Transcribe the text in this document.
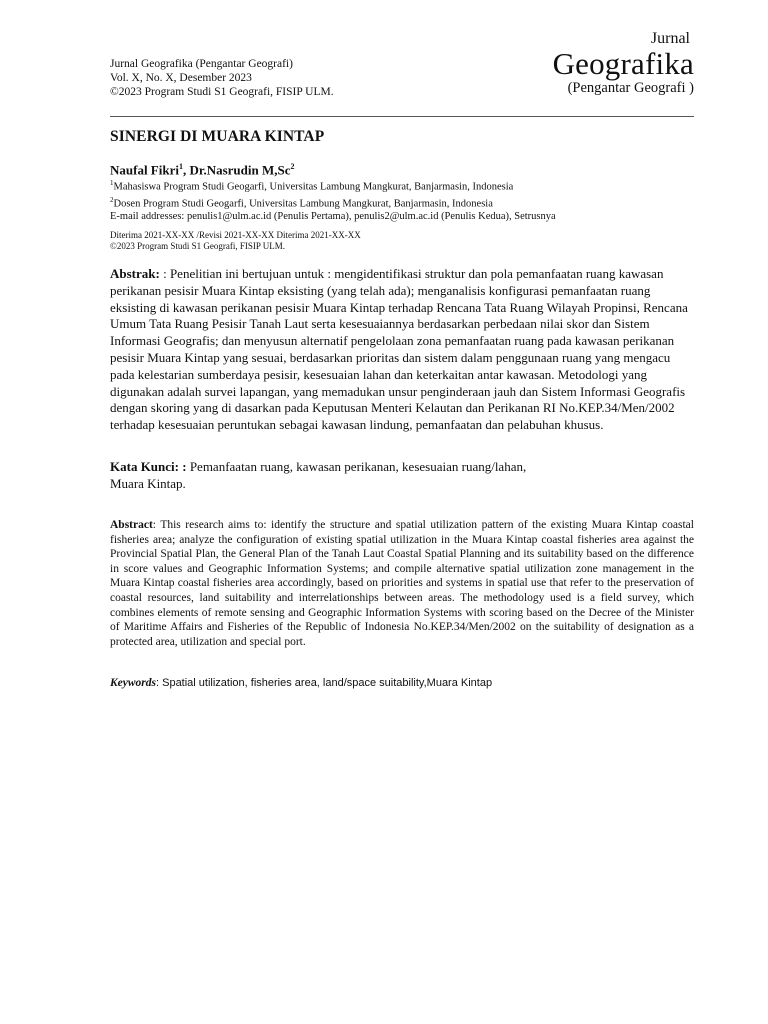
Jurnal Geografika (Pengantar Geografi)
Vol. X, No. X, Desember 2023
©2023 Program Studi S1 Geografi, FISIP ULM.
Jurnal
Geografika
(Pengantar Geografi )
SINERGI DI MUARA KINTAP
Naufal Fikri$^1$, Dr.Nasrudin M,Sc$^2$
$^1$Mahasiswa Program Studi Geogarfi, Universitas Lambung Mangkurat, Banjarmasin, Indonesia
$^2$Dosen Program Studi Geogarfi, Universitas Lambung Mangkurat, Banjarmasin, Indonesia
E-mail addresses: penulis1@ulm.ac.id (Penulis Pertama), penulis2@ulm.ac.id (Penulis Kedua), Setrusnya
Diterima 2021-XX-XX /Revisi 2021-XX-XX Diterima 2021-XX-XX
©2023 Program Studi S1 Geografi, FISIP ULM.
Abstrak: : Penelitian ini bertujuan untuk : mengidentifikasi struktur dan pola pemanfaatan ruang kawasan perikanan pesisir Muara Kintap eksisting (yang telah ada); menganalisis konfigurasi pemanfaatan ruang eksisting di kawasan perikanan pesisir Muara Kintap terhadap Rencana Tata Ruang Wilayah Propinsi, Rencana Umum Tata Ruang Pesisir Tanah Laut serta kesesuaiannya berdasarkan perbedaan nilai skor dan Sistem Informasi Geografis; dan menyusun alternatif pengelolaan zona pemanfaatan ruang pada kawasan perikanan pesisir Muara Kintap yang sesuai, berdasarkan prioritas dan sistem dalam penggunaan ruang yang mengacu pada kelestarian sumberdaya pesisir, kesesuaian lahan dan keterkaitan antar kawasan. Metodologi yang digunakan adalah survei lapangan, yang memadukan unsur penginderaan jauh dan Sistem Informasi Geografis dengan skoring yang di dasarkan pada Keputusan Menteri Kelautan dan Perikanan RI No.KEP.34/Men/2002 terhadap kesesuaian peruntukan sebagai kawasan lindung, pemanfaatan dan pelabuhan khusus.
Kata Kunci: : Pemanfaatan ruang, kawasan perikanan, kesesuaian ruang/lahan,
Muara Kintap.
Abstract: This research aims to: identify the structure and spatial utilization pattern of the existing Muara Kintap coastal fisheries area; analyze the configuration of existing spatial utilization in the Muara Kintap coastal fisheries area against the Provincial Spatial Plan, the General Plan of the Tanah Laut Coastal Spatial Planning and its suitability based on the difference in score values and Geographic Information Systems; and compile alternative spatial utilization zone management in the Muara Kintap coastal fisheries area accordingly, based on priorities and systems in spatial use that refer to the preservation of coastal resources, land suitability and interrelationships between areas. The methodology used is a field survey, which combines elements of remote sensing and Geographic Information Systems with scoring based on the Decree of the Minister of Maritime Affairs and Fisheries of the Republic of Indonesia No.KEP.34/Men/2002 on the suitability of designation as a protected area, utilization and special port.
Keywords: Spatial utilization, fisheries area, land/space suitability,Muara Kintap
